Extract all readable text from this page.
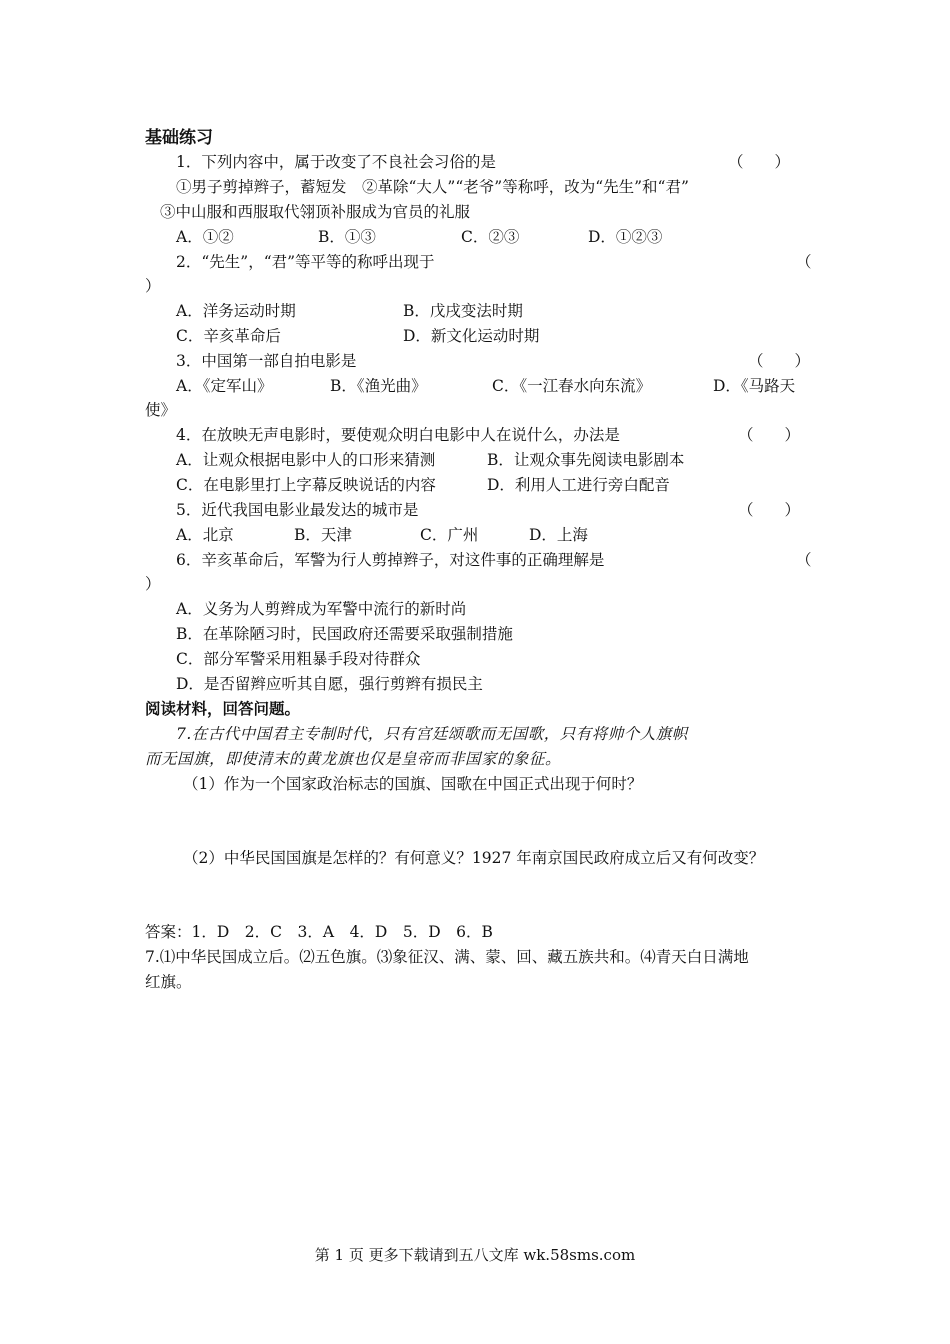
基础练习
1．下列内容中，属于改变了不良社会习俗的是	（　　）
①男子剪掉辫子，蓄短发　②革除“大人”“老爷”等称呼，改为“先生”和“君”
③中山服和西服取代翎顶补服成为官员的礼服
A．①②	B．①③	C．②③	D．①②③
2．“先生”，“君”等平等的称呼出现于	（
）
A．洋务运动时期	B．戊戌变法时期
C．辛亥革命后	D．新文化运动时期
3．中国第一部自拍电影是	（　　）
A．《定军山》	B．《渔光曲》	C．《一江春水向东流》	D．《马路天
使》
4．在放映无声电影时，要使观众明白电影中人在说什么，办法是	（　　）
A．让观众根据电影中人的口形来猜测	B．让观众事先阅读电影剧本
C．在电影里打上字幕反映说话的内容	D．利用人工进行旁白配音
5．近代我国电影业最发达的城市是	（　　）
A．北京	B．天津	C．广州	D．上海
6．辛亥革命后，军警为行人剪掉辫子，对这件事的正确理解是	（
）
A．义务为人剪辫成为军警中流行的新时尚
B．在革除陋习时，民国政府还需要采取强制措施
C．部分军警采用粗暴手段对待群众
D．是否留辫应听其自愿，强行剪辫有损民主
阅读材料，回答问题。
7.在古代中国君主专制时代，只有宫廷颂歌而无国歌，只有将帅个人旗帜
而无国旗，即使清末的黄龙旗也仅是皇帝而非国家的象征。
（1）作为一个国家政治标志的国旗、国歌在中国正式出现于何时？
（2）中华民国国旗是怎样的？有何意义？1927 年南京国民政府成立后又有何改变？
答案：1．D　2．C　3．A　4．D　5．D　6．B
7.⑴中华民国成立后。⑵五色旗。⑶象征汉、满、蒙、回、藏五族共和。⑷青天白日满地
红旗。
第 1 页 更多下载请到五八文库 wk.58sms.com
